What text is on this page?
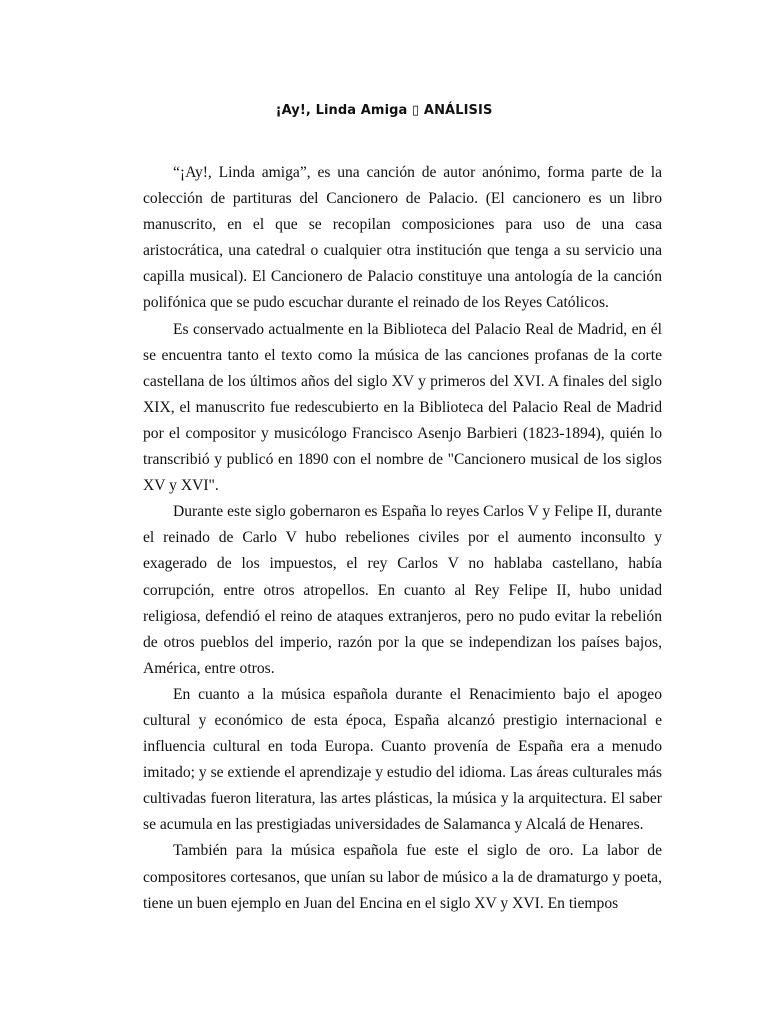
¡Ay!, Linda Amiga ▯ ANÁLISIS

“¡Ay!, Linda amiga”, es una canción de autor anónimo, forma parte de la colección de partituras del Cancionero de Palacio. (El cancionero es un libro manuscrito, en el que se recopilan composiciones para uso de una casa aristocrática, una catedral o cualquier otra institución que tenga a su servicio una capilla musical). El Cancionero de Palacio constituye una antología de la canción polifónica que se pudo escuchar durante el reinado de los Reyes Católicos.

Es conservado actualmente en la Biblioteca del Palacio Real de Madrid, en él se encuentra tanto el texto como la música de las canciones profanas de la corte castellana de los últimos años del siglo XV y primeros del XVI. A finales del siglo XIX, el manuscrito fue redescubierto en la Biblioteca del Palacio Real de Madrid por el compositor y musicólogo Francisco Asenjo Barbieri (1823-1894), quién lo transcribió y publicó en 1890 con el nombre de "Cancionero musical de los siglos XV y XVI".

Durante este siglo gobernaron es España lo reyes Carlos V y Felipe II, durante el reinado de Carlo V hubo rebeliones civiles por el aumento inconsulto y exagerado de los impuestos, el rey Carlos V no hablaba castellano, había corrupción, entre otros atropellos. En cuanto al Rey Felipe II, hubo unidad religiosa, defendió el reino de ataques extranjeros, pero no pudo evitar la rebelión de otros pueblos del imperio, razón por la que se independizan los países bajos, América, entre otros.

En cuanto a la música española durante el Renacimiento bajo el apogeo cultural y económico de esta época, España alcanzó prestigio internacional e influencia cultural en toda Europa. Cuanto provenía de España era a menudo imitado; y se extiende el aprendizaje y estudio del idioma. Las áreas culturales más cultivadas fueron literatura, las artes plásticas, la música y la arquitectura. El saber se acumula en las prestigiadas universidades de Salamanca y Alcalá de Henares.

También para la música española fue este el siglo de oro. La labor de compositores cortesanos, que unían su labor de músico a la de dramaturgo y poeta, tiene un buen ejemplo en Juan del Encina en el siglo XV y XVI. En tiempos
